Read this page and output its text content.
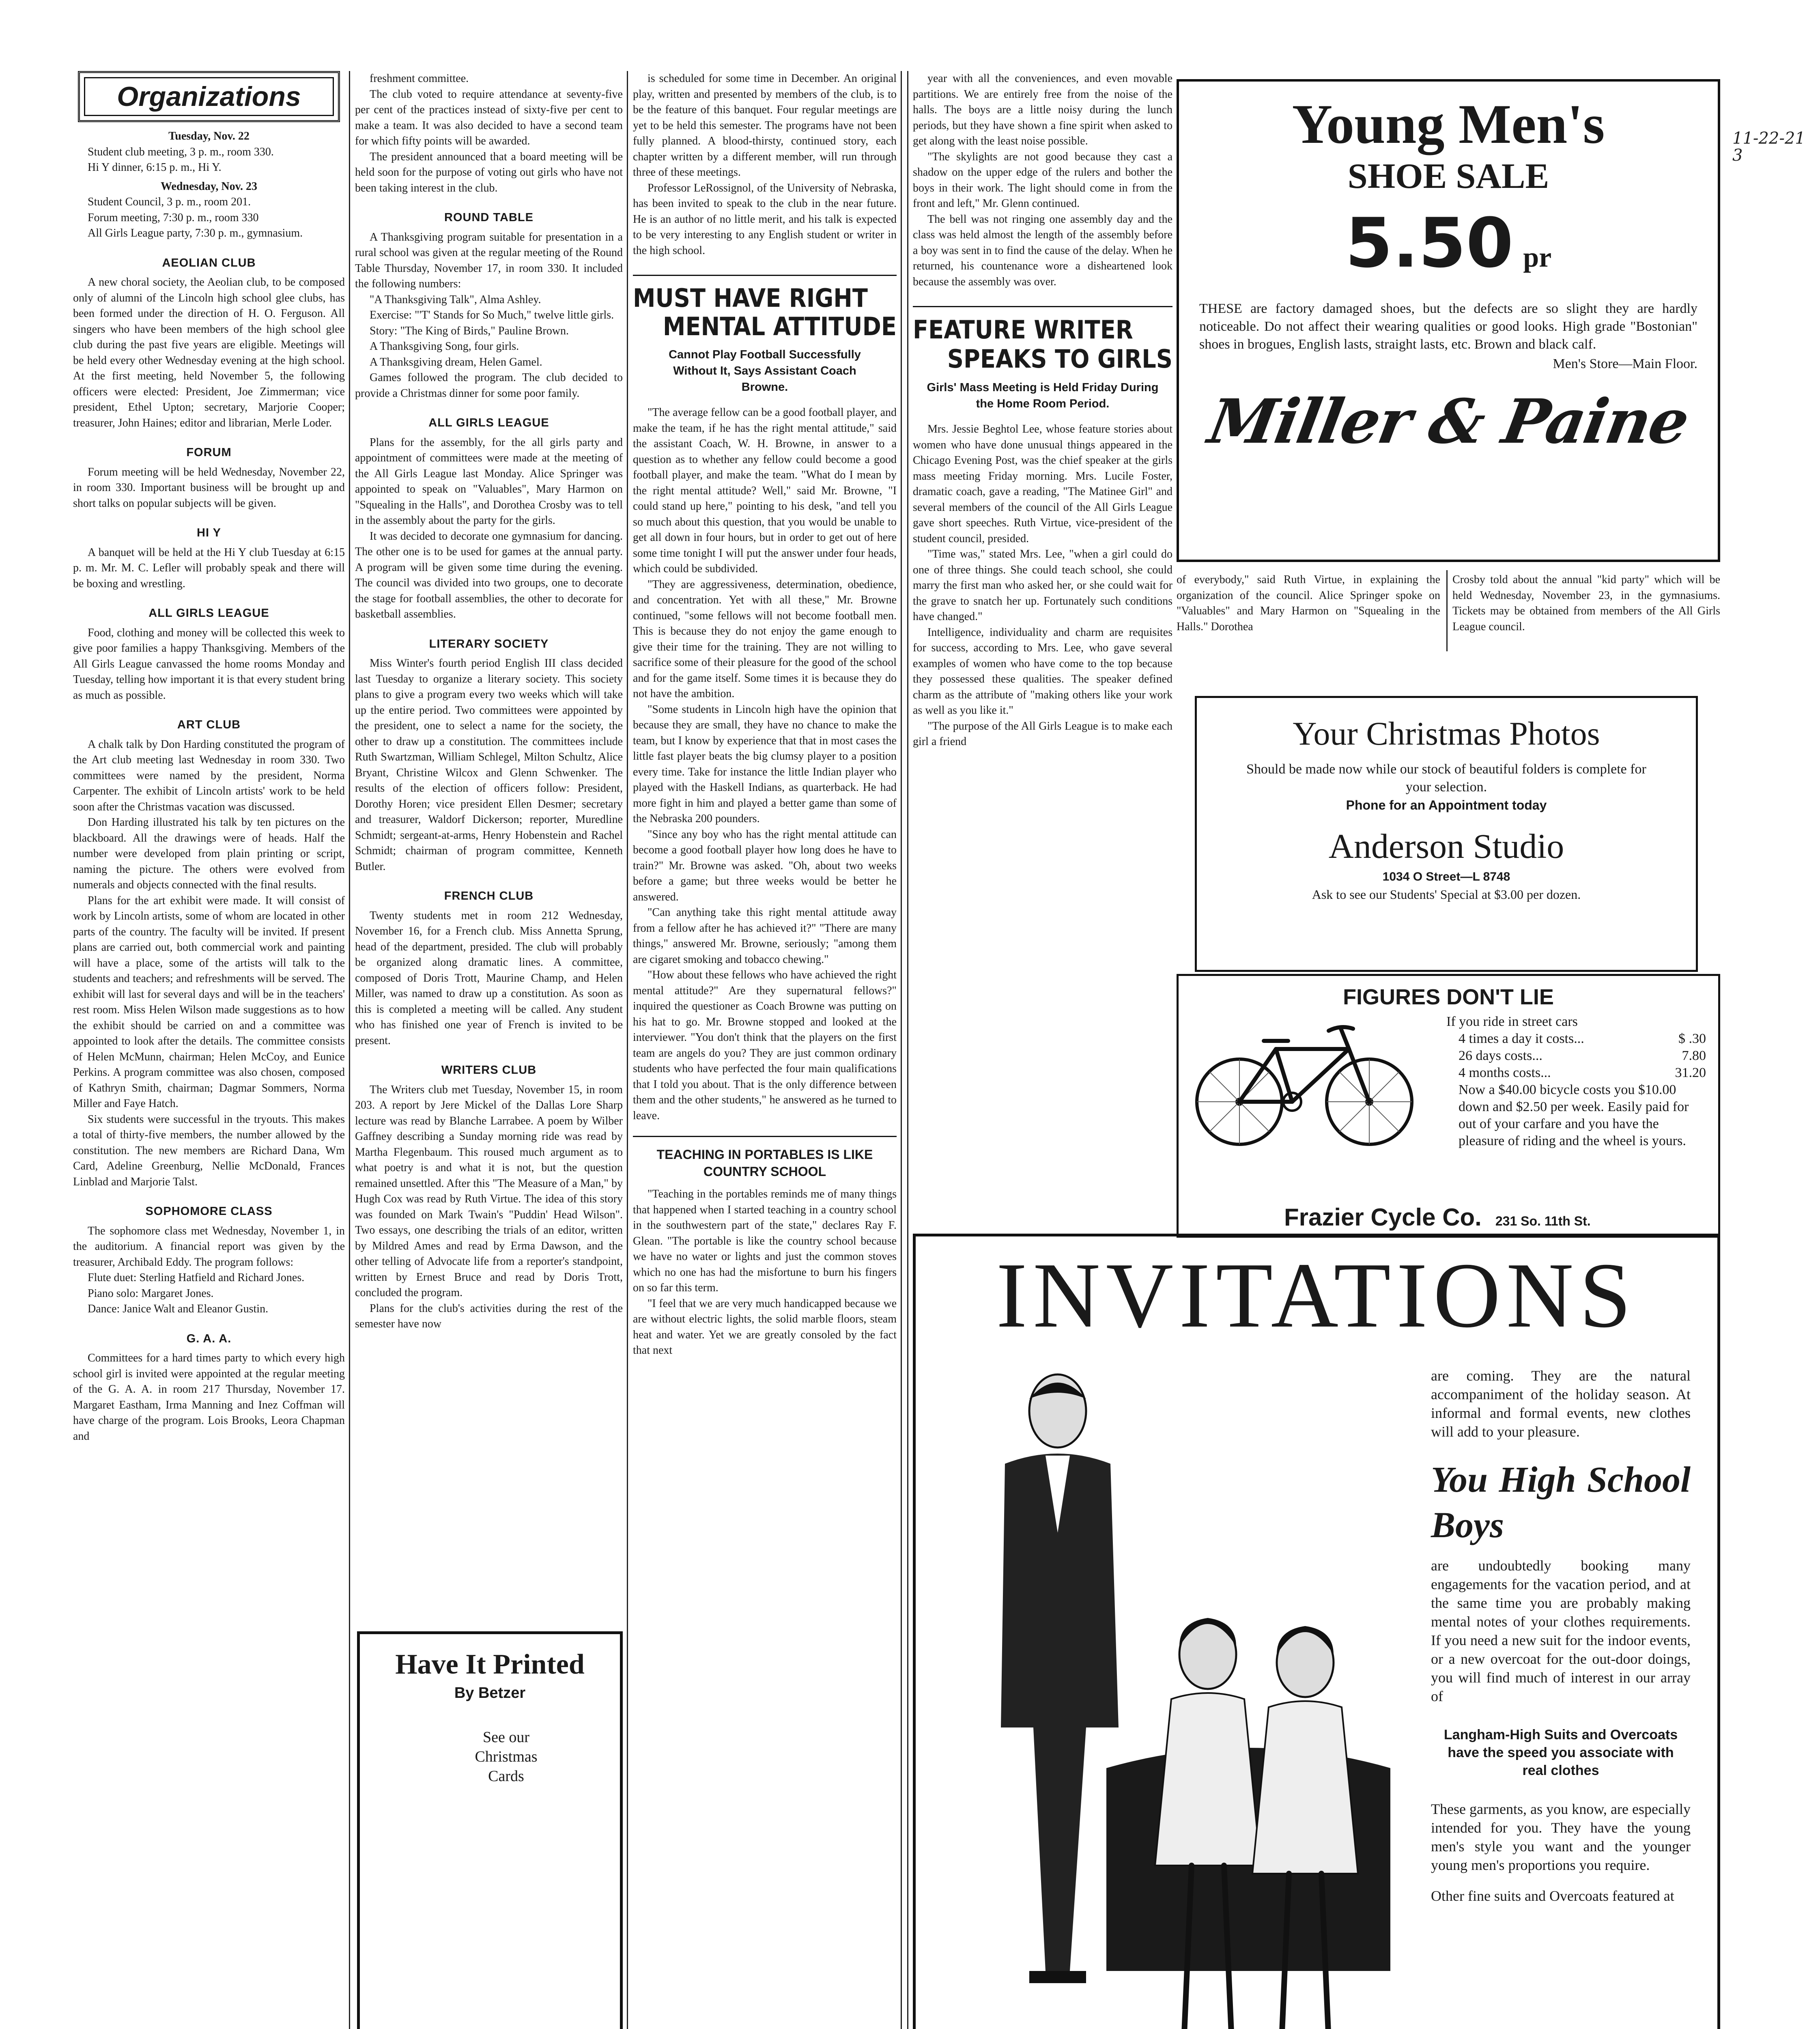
11-22-21
3
Organizations
Tuesday, Nov. 22
Student club meeting, 3 p. m., room 330.
Hi Y dinner, 6:15 p. m., Hi Y.
Wednesday, Nov. 23
Student Council, 3 p. m., room 201.
Forum meeting, 7:30 p. m., room 330
All Girls League party, 7:30 p. m., gymnasium.
AEOLIAN CLUB

A new choral society, the Aeolian club, to be composed only of alumni of the Lincoln high school glee clubs, has been formed under the direction of H. O. Ferguson. All singers who have been members of the high school glee club during the past five years are eligible. Meetings will be held every other Wednesday evening at the high school. At the first meeting, held November 5, the following officers were elected: President, Joe Zimmerman; vice president, Ethel Upton; secretary, Marjorie Cooper; treasurer, John Haines; editor and librarian, Merle Loder.

FORUM

Forum meeting will be held Wednesday, November 22, in room 330. Important business will be brought up and short talks on popular subjects will be given.

HI Y

A banquet will be held at the Hi Y club Tuesday at 6:15 p. m. Mr. M. C. Lefler will probably speak and there will be boxing and wrestling.

ALL GIRLS LEAGUE

Food, clothing and money will be collected this week to give poor families a happy Thanksgiving. Members of the All Girls League canvassed the home rooms Monday and Tuesday, telling how important it is that every student bring as much as possible.

ART CLUB

A chalk talk by Don Harding constituted the program of the Art club meeting last Wednesday in room 330. Two committees were named by the president, Norma Carpenter. The exhibit of Lincoln artists' work to be held soon after the Christmas vacation was discussed.

Don Harding illustrated his talk by ten pictures on the blackboard. All the drawings were of heads. Half the number were developed from plain printing or script, naming the picture. The others were evolved from numerals and objects connected with the final results.

Plans for the art exhibit were made. It will consist of work by Lincoln artists, some of whom are located in other parts of the country. The faculty will be invited. If present plans are carried out, both commercial work and painting will have a place, some of the artists will talk to the students and teachers; and refreshments will be served. The exhibit will last for several days and will be in the teachers' rest room. Miss Helen Wilson made suggestions as to how the exhibit should be carried on and a committee was appointed to look after the details. The committee consists of Helen McMunn, chairman; Helen McCoy, and Eunice Perkins. A program committee was also chosen, composed of Kathryn Smith, chairman; Dagmar Sommers, Norma Miller and Faye Hatch.

Six students were successful in the tryouts. This makes a total of thirty-five members, the number allowed by the constitution. The new members are Richard Dana, Wm Card, Adeline Greenburg, Nellie McDonald, Frances Linblad and Marjorie Talst.

SOPHOMORE CLASS

The sophomore class met Wednesday, November 1, in the auditorium. A financial report was given by the treasurer, Archibald Eddy. The program follows:

Flute duet: Sterling Hatfield and Richard Jones.

Piano solo: Margaret Jones.

Dance: Janice Walt and Eleanor Gustin.

G. A. A.

Committees for a hard times party to which every high school girl is invited were appointed at the regular meeting of the G. A. A. in room 217 Thursday, November 17. Margaret Eastham, Irma Manning and Inez Coffman will have charge of the program. Lois Brooks, Leora Chapman and

freshment committee.

The club voted to require attendance at seventy-five per cent of the practices instead of sixty-five per cent to make a team. It was also decided to have a second team for which fifty points will be awarded.

The president announced that a board meeting will be held soon for the purpose of voting out girls who have not been taking interest in the club.

ROUND TABLE

A Thanksgiving program suitable for presentation in a rural school was given at the regular meeting of the Round Table Thursday, November 17, in room 330. It included the following numbers:

"A Thanksgiving Talk", Alma Ashley.

Exercise: "'T' Stands for So Much," twelve little girls.

Story: "The King of Birds," Pauline Brown.

A Thanksgiving Song, four girls.

A Thanksgiving dream, Helen Gamel.

Games followed the program. The club decided to provide a Christmas dinner for some poor family.

ALL GIRLS LEAGUE

Plans for the assembly, for the all girls party and appointment of committees were made at the meeting of the All Girls League last Monday. Alice Springer was appointed to speak on "Valuables", Mary Harmon on "Squealing in the Halls", and Dorothea Crosby was to tell in the assembly about the party for the girls.

It was decided to decorate one gymnasium for dancing. The other one is to be used for games at the annual party. A program will be given some time during the evening. The council was divided into two groups, one to decorate the stage for football assemblies, the other to decorate for basketball assemblies.

LITERARY SOCIETY

Miss Winter's fourth period English III class decided last Tuesday to organize a literary society. This society plans to give a program every two weeks which will take up the entire period. Two committees were appointed by the president, one to select a name for the society, the other to draw up a constitution. The committees include Ruth Swartzman, William Schlegel, Milton Schultz, Alice Bryant, Christine Wilcox and Glenn Schwenker. The results of the election of officers follow: President, Dorothy Horen; vice president Ellen Desmer; secretary and treasurer, Waldorf Dickerson; reporter, Muredline Schmidt; sergeant-at-arms, Henry Hobenstein and Rachel Schmidt; chairman of program committee, Kenneth Butler.

FRENCH CLUB

Twenty students met in room 212 Wednesday, November 16, for a French club. Miss Annetta Sprung, head of the department, presided. The club will probably be organized along dramatic lines. A committee, composed of Doris Trott, Maurine Champ, and Helen Miller, was named to draw up a constitution. As soon as this is completed a meeting will be called. Any student who has finished one year of French is invited to be present.

WRITERS CLUB

The Writers club met Tuesday, November 15, in room 203. A report by Jere Mickel of the Dallas Lore Sharp lecture was read by Blanche Larrabee. A poem by Wilber Gaffney describing a Sunday morning ride was read by Martha Flegenbaum. This roused much argument as to what poetry is and what it is not, but the question remained unsettled. After this "The Measure of a Man," by Hugh Cox was read by Ruth Virtue. The idea of this story was founded on Mark Twain's "Puddin' Head Wilson". Two essays, one describing the trials of an editor, written by Mildred Ames and read by Erma Dawson, and the other telling of Advocate life from a reporter's standpoint, written by Ernest Bruce and read by Doris Trott, concluded the program.

Plans for the club's activities during the rest of the semester have now

is scheduled for some time in December. An original play, written and presented by members of the club, is to be the feature of this banquet. Four regular meetings are yet to be held this semester. The programs have not been fully planned. A blood-thirsty, continued story, each chapter written by a different member, will run through three of these meetings.

Professor LeRossignol, of the University of Nebraska, has been invited to speak to the club in the near future. He is an author of no little merit, and his talk is expected to be very interesting to any English student or writer in the high school.

MUST HAVE RIGHT
MENTAL ATTITUDE
Cannot Play Football Successfully Without It, Says Assistant Coach Browne.

"The average fellow can be a good football player, and make the team, if he has the right mental attitude," said the assistant Coach, W. H. Browne, in answer to a question as to whether any fellow could become a good football player, and make the team. "What do I mean by the right mental attitude? Well," said Mr. Browne, "I could stand up here," pointing to his desk, "and tell you so much about this question, that you would be unable to get all down in four hours, but in order to get out of here some time tonight I will put the answer under four heads, which could be subdivided.

"They are aggressiveness, determination, obedience, and concentration. Yet with all these," Mr. Browne continued, "some fellows will not become football men. This is because they do not enjoy the game enough to give their time for the training. They are not willing to sacrifice some of their pleasure for the good of the school and for the game itself. Some times it is because they do not have the ambition.

"Some students in Lincoln high have the opinion that because they are small, they have no chance to make the team, but I know by experience that that in most cases the little fast player beats the big clumsy player to a position every time. Take for instance the little Indian player who played with the Haskell Indians, as quarterback. He had more fight in him and played a better game than some of the Nebraska 200 pounders.

"Since any boy who has the right mental attitude can become a good football player how long does he have to train?" Mr. Browne was asked. "Oh, about two weeks before a game; but three weeks would be better he answered.

"Can anything take this right mental attitude away from a fellow after he has achieved it?" "There are many things," answered Mr. Browne, seriously; "among them are cigaret smoking and tobacco chewing."

"How about these fellows who have achieved the right mental attitude?" Are they supernatural fellows?" inquired the questioner as Coach Browne was putting on his hat to go. Mr. Browne stopped and looked at the interviewer. "You don't think that the players on the first team are angels do you? They are just common ordinary students who have perfected the four main qualifications that I told you about. That is the only difference between them and the other students," he answered as he turned to leave.

TEACHING IN PORTABLES IS LIKE COUNTRY SCHOOL

"Teaching in the portables reminds me of many things that happened when I started teaching in a country school in the southwestern part of the state," declares Ray F. Glean. "The portable is like the country school because we have no water or lights and just the common stoves which no one has had the misfortune to burn his fingers on so far this term.

"I feel that we are very much handicapped because we are without electric lights, the solid marble floors, steam heat and water. Yet we are greatly consoled by the fact that next

year with all the conveniences, and even movable partitions. We are entirely free from the noise of the halls. The boys are a little noisy during the lunch periods, but they have shown a fine spirit when asked to get along with the least noise possible.

"The skylights are not good because they cast a shadow on the upper edge of the rulers and bother the boys in their work. The light should come in from the front and left," Mr. Glenn continued.

The bell was not ringing one assembly day and the class was held almost the length of the assembly before a boy was sent in to find the cause of the delay. When he returned, his countenance wore a disheartened look because the assembly was over.

FEATURE WRITER
SPEAKS TO GIRLS
Girls' Mass Meeting is Held Friday During the Home Room Period.

Mrs. Jessie Beghtol Lee, whose feature stories about women who have done unusual things appeared in the Chicago Evening Post, was the chief speaker at the girls mass meeting Friday morning. Mrs. Lucile Foster, dramatic coach, gave a reading, "The Matinee Girl" and several members of the council of the All Girls League gave short speeches. Ruth Virtue, vice-president of the student council, presided.

"Time was," stated Mrs. Lee, "when a girl could do one of three things. She could teach school, she could marry the first man who asked her, or she could wait for the grave to snatch her up. Fortunately such conditions have changed."

Intelligence, individuality and charm are requisites for success, according to Mrs. Lee, who gave several examples of women who have come to the top because they possessed these qualities. The speaker defined charm as the attribute of "making others like your work as well as you like it."

"The purpose of the All Girls League is to make each girl a friend

Young Men's
SHOE SALE
5.50 pr
THESE are factory damaged shoes, but the defects are so slight they are hardly noticeable. Do not affect their wearing qualities or good looks. High grade "Bostonian" shoes in brogues, English lasts, straight lasts, etc. Brown and black calf.
Men's Store—Main Floor.
Miller & Paine
of everybody," said Ruth Virtue, in explaining the organization of the council. Alice Springer spoke on "Valuables" and Mary Harmon on "Squealing in the Halls." Dorothea
Crosby told about the annual "kid party" which will be held Wednesday, November 23, in the gymnasiums. Tickets may be obtained from members of the All Girls League council.
Your Christmas Photos
Should be made now while our stock of beautiful folders is complete for your selection.
Phone for an Appointment today
Anderson Studio
1034 O Street—L 8748
Ask to see our Students' Special at $3.00 per dozen.
FIGURES DON'T LIE
If you ride in street cars
4 times a day it costs...	$ .30
26 days costs...	7.80
4 months costs...	31.20
Now a $40.00 bicycle costs you $10.00 down and $2.50 per week. Easily paid for out of your carfare and you have the pleasure of riding and the wheel is yours.
Frazier Cycle Co. 231 So. 11th St.
INVITATIONS
are coming. They are the natural accompaniment of the holiday season. At informal and formal events, new clothes will add to your pleasure.
You High School Boys
are undoubtedly booking many engagements for the vacation period, and at the same time you are probably making mental notes of your clothes requirements. If you need a new suit for the indoor events, or a new overcoat for the out-door doings, you will find much of interest in our array of
Langham-High Suits and Overcoats have the speed you associate with real clothes
These garments, as you know, are especially intended for you. They have the young men's style you want and the younger young men's proportions you require.
Other fine suits and Overcoats featured at
Have It Printed
By Betzer
See our Christmas Cards
